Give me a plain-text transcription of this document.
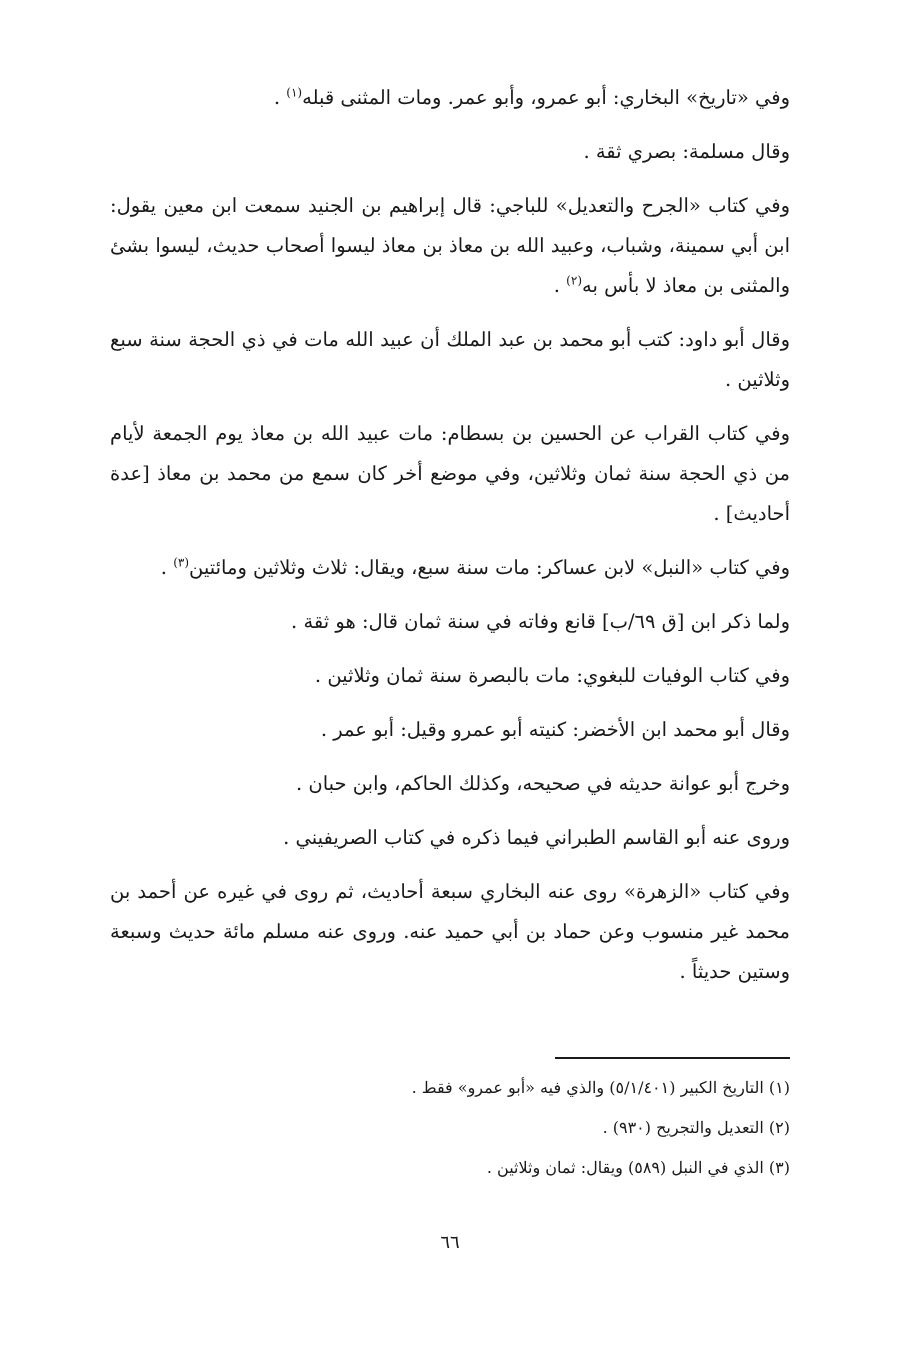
وفي «تاريخ» البخاري: أبو عمرو، وأبو عمر. ومات المثنى قبله$^{(١)}$ .

وقال مسلمة: بصري ثقة .

وفي كتاب «الجرح والتعديل» للباجي: قال إبراهيم بن الجنيد سمعت ابن معين يقول: ابن أبي سمينة، وشباب، وعبيد الله بن معاذ بن معاذ ليسوا أصحاب حديث، ليسوا بشئ والمثنى بن معاذ لا بأس به$^{(٢)}$ .

وقال أبو داود: كتب أبو محمد بن عبد الملك أن عبيد الله مات في ذي الحجة سنة سبع وثلاثين .

وفي كتاب القراب عن الحسين بن بسطام: مات عبيد الله بن معاذ يوم الجمعة لأيام من ذي الحجة سنة ثمان وثلاثين، وفي موضع أخر كان سمع من محمد بن معاذ [عدة أحاديث] .

وفي كتاب «النبل» لابن عساكر: مات سنة سبع، ويقال: ثلاث وثلاثين ومائتين$^{(٣)}$ .

ولما ذكر ابن [ق ٦٩/ب] قانع وفاته في سنة ثمان قال: هو ثقة .

وفي كتاب الوفيات للبغوي: مات بالبصرة سنة ثمان وثلاثين .

وقال أبو محمد ابن الأخضر: كنيته أبو عمرو وقيل: أبو عمر .

وخرج أبو عوانة حديثه في صحيحه، وكذلك الحاكم، وابن حبان .

وروى عنه أبو القاسم الطبراني فيما ذكره في كتاب الصريفيني .

وفي كتاب «الزهرة» روى عنه البخاري سبعة أحاديث، ثم روى في غيره عن أحمد بن محمد غير منسوب وعن حماد بن أبي حميد عنه. وروى عنه مسلم مائة حديث وسبعة وستين حديثاً .

(١) التاريخ الكبير (٥/١/٤٠١) والذي فيه «أبو عمرو» فقط .

(٢) التعديل والتجريح (٩٣٠) .

(٣) الذي في النبل (٥٨٩) ويقال: ثمان وثلاثين .

٦٦
